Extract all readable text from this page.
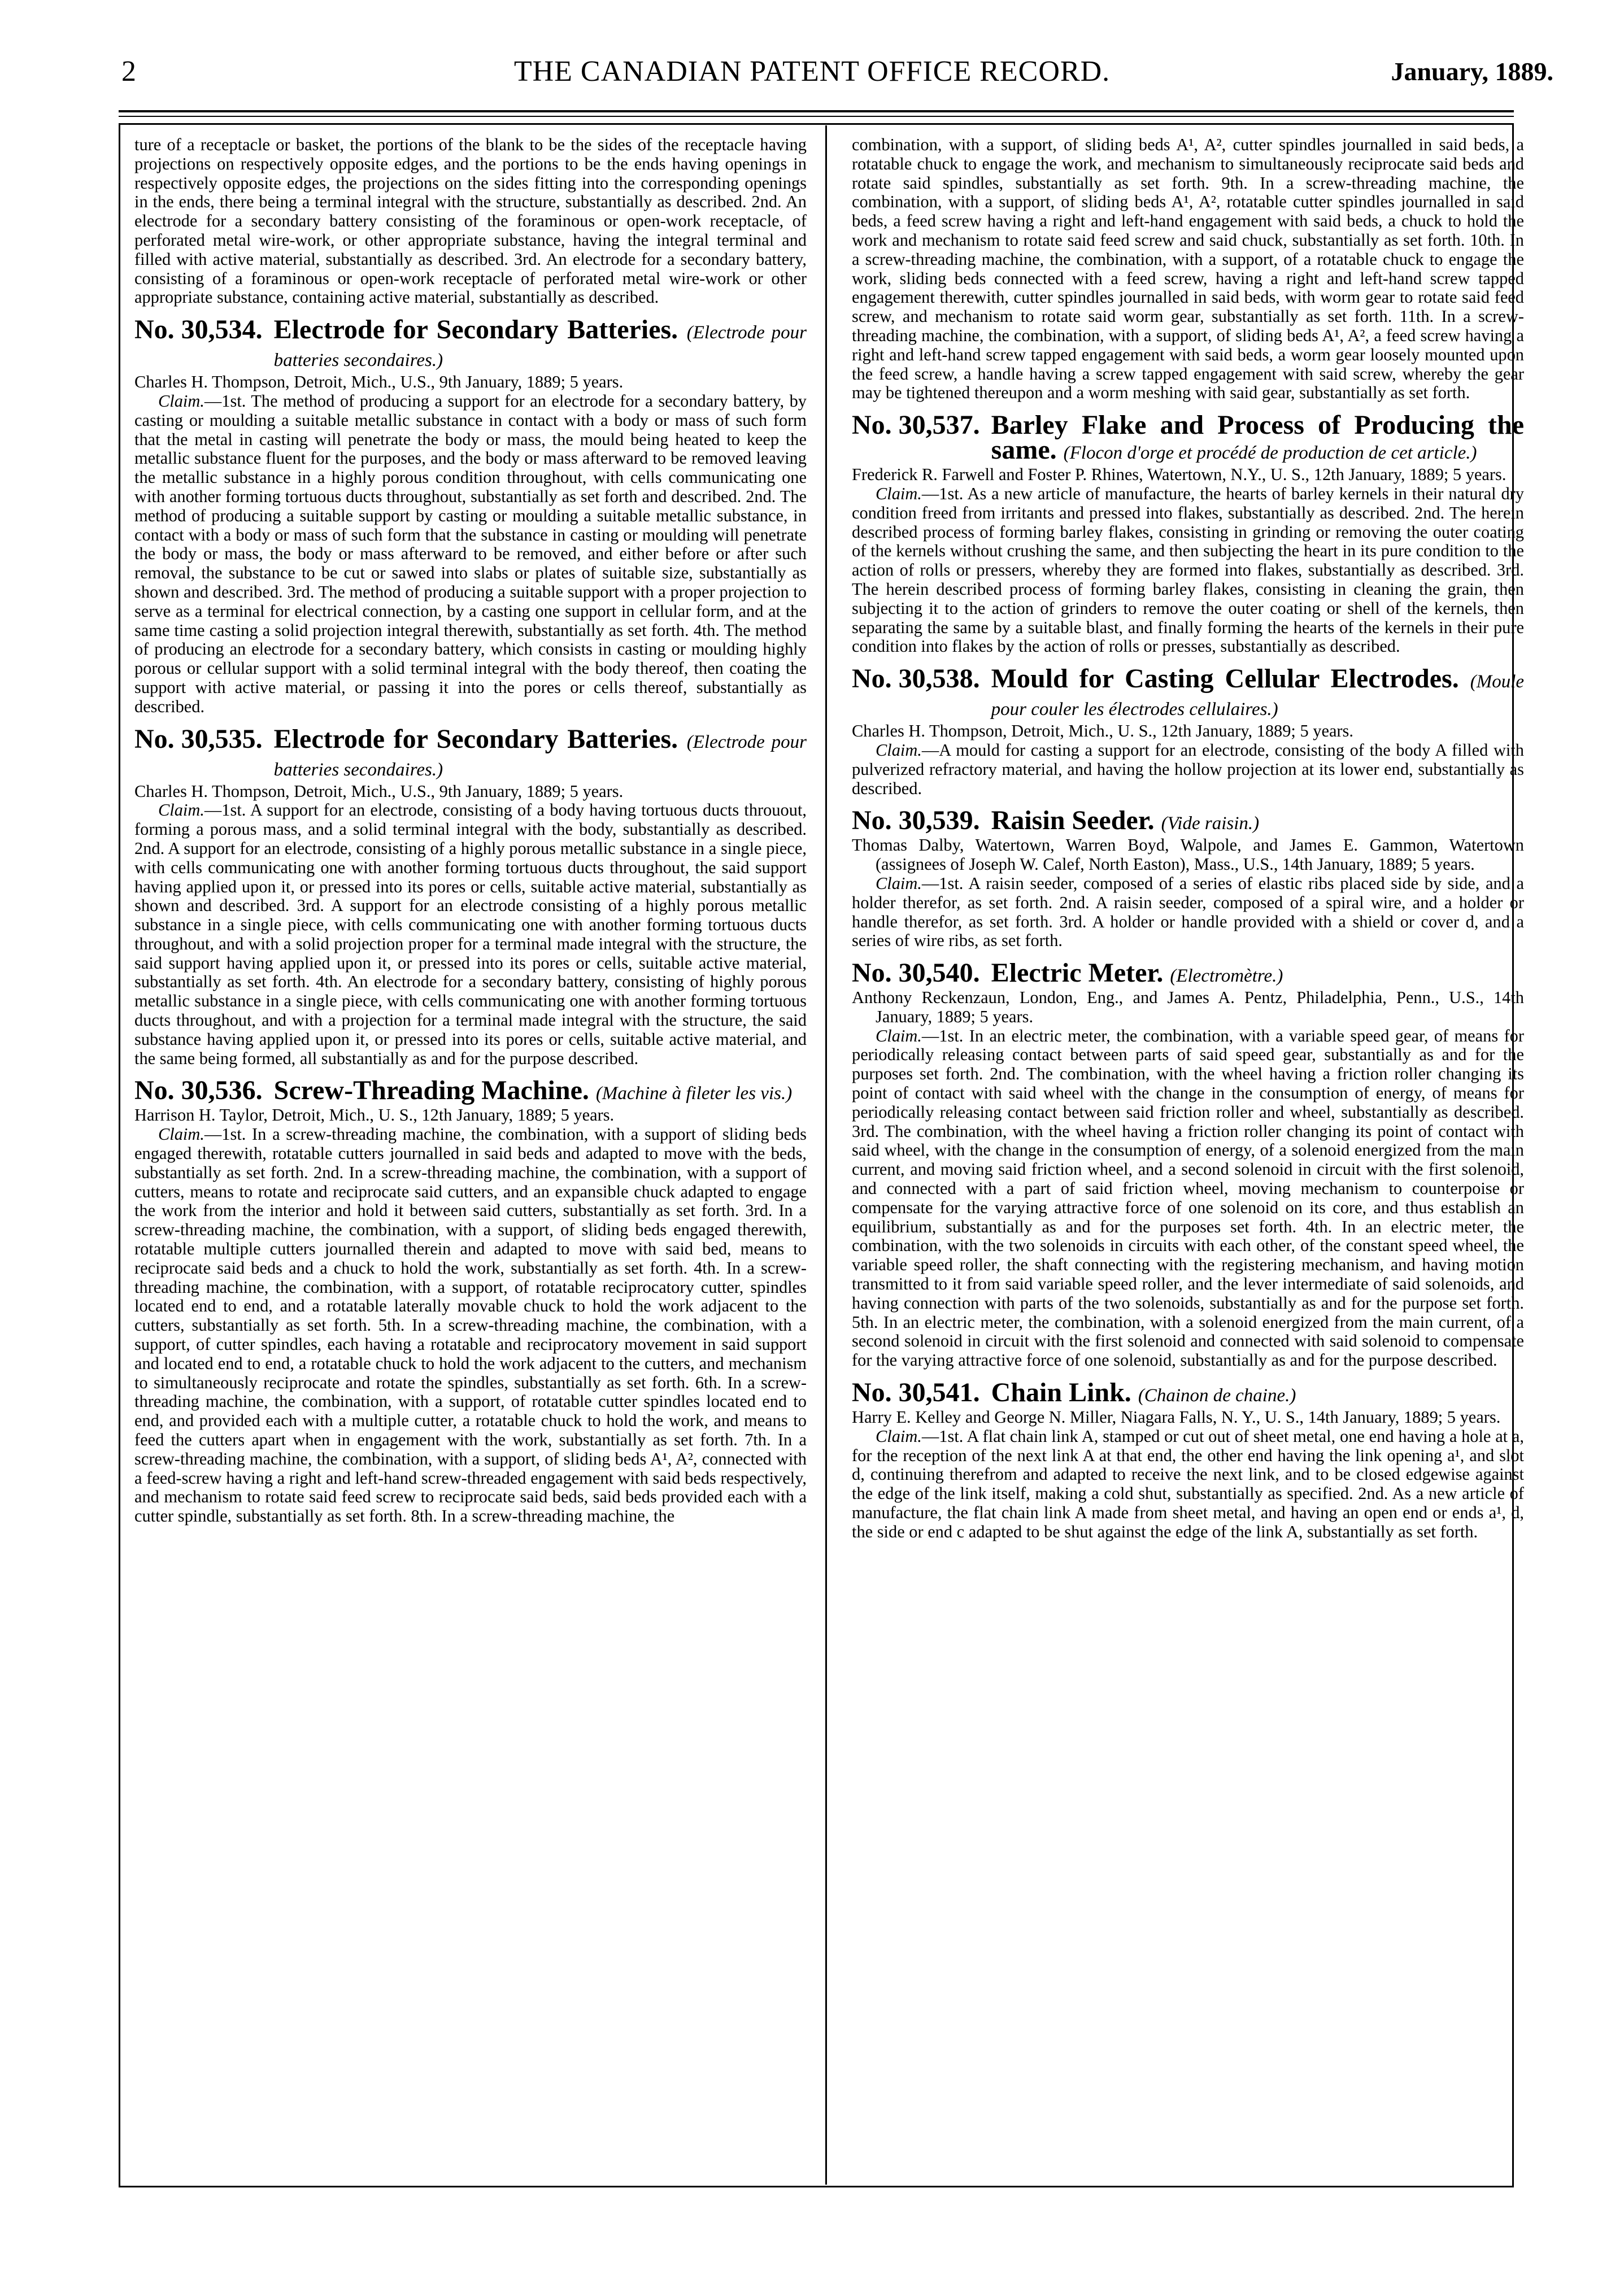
2	THE CANADIAN PATENT OFFICE RECORD.	January, 1889.

ture of a receptacle or basket, the portions of the blank to be the sides of the receptacle having projections on respectively opposite edges, and the portions to be the ends having openings in respectively opposite edges, the projections on the sides fitting into the corresponding openings in the ends, there being a terminal integral with the structure, substantially as described. 2nd. An electrode for a secondary battery consisting of the foraminous or open-work receptacle, of perforated metal wire-work, or other appropriate substance, having the integral terminal and filled with active material, substantially as described. 3rd. An electrode for a secondary battery, consisting of a foraminous or open-work receptacle of perforated metal wire-work or other appropriate substance, containing active material, substantially as described.

No. 30,534. Electrode for Secondary Batteries. (Electrode pour batteries secondaires.)

Charles H. Thompson, Detroit, Mich., U.S., 9th January, 1889; 5 years.

Claim.—1st. The method of producing a support for an electrode for a secondary battery, by casting or moulding a suitable metallic substance in contact with a body or mass of such form that the metal in casting will penetrate the body or mass, the mould being heated to keep the metallic substance fluent for the purposes, and the body or mass afterward to be removed leaving the metallic substance in a highly porous condition throughout, with cells communicating one with another forming tortuous ducts throughout, substantially as set forth and described. 2nd. The method of producing a suitable support by casting or moulding a suitable metallic substance, in contact with a body or mass of such form that the substance in casting or moulding will penetrate the body or mass, the body or mass afterward to be removed, and either before or after such removal, the substance to be cut or sawed into slabs or plates of suitable size, substantially as shown and described. 3rd. The method of producing a suitable support with a proper projection to serve as a terminal for electrical connection, by a casting one support in cellular form, and at the same time casting a solid projection integral therewith, substantially as set forth. 4th. The method of producing an electrode for a secondary battery, which consists in casting or moulding highly porous or cellular support with a solid terminal integral with the body thereof, then coating the support with active material, or passing it into the pores or cells thereof, substantially as described.

No. 30,535. Electrode for Secondary Batteries. (Electrode pour batteries secondaires.)

Charles H. Thompson, Detroit, Mich., U.S., 9th January, 1889; 5 years.

Claim.—1st. A support for an electrode, consisting of a body having tortuous ducts throuout, forming a porous mass, and a solid terminal integral with the body, substantially as described. 2nd. A support for an electrode, consisting of a highly porous metallic substance in a single piece, with cells communicating one with another forming tortuous ducts throughout, the said support having applied upon it, or pressed into its pores or cells, suitable active material, substantially as shown and described. 3rd. A support for an electrode consisting of a highly porous metallic substance in a single piece, with cells communicating one with another forming tortuous ducts throughout, and with a solid projection proper for a terminal made integral with the structure, the said support having applied upon it, or pressed into its pores or cells, suitable active material, substantially as set forth. 4th. An electrode for a secondary battery, consisting of highly porous metallic substance in a single piece, with cells communicating one with another forming tortuous ducts throughout, and with a projection for a terminal made integral with the structure, the said substance having applied upon it, or pressed into its pores or cells, suitable active material, and the same being formed, all substantially as and for the purpose described.

No. 30,536. Screw-Threading Machine. (Machine à fileter les vis.)

Harrison H. Taylor, Detroit, Mich., U. S., 12th January, 1889; 5 years.

Claim.—1st. In a screw-threading machine, the combination, with a support of sliding beds engaged therewith, rotatable cutters journalled in said beds and adapted to move with the beds, substantially as set forth. 2nd. In a screw-threading machine, the combination, with a support of cutters, means to rotate and reciprocate said cutters, and an expansible chuck adapted to engage the work from the interior and hold it between said cutters, substantially as set forth. 3rd. In a screw-threading machine, the combination, with a support, of sliding beds engaged therewith, rotatable multiple cutters journalled therein and adapted to move with said bed, means to reciprocate said beds and a chuck to hold the work, substantially as set forth. 4th. In a screw-threading machine, the combination, with a support, of rotatable reciprocatory cutter, spindles located end to end, and a rotatable laterally movable chuck to hold the work adjacent to the cutters, substantially as set forth. 5th. In a screw-threading machine, the combination, with a support, of cutter spindles, each having a rotatable and reciprocatory movement in said support and located end to end, a rotatable chuck to hold the work adjacent to the cutters, and mechanism to simultaneously reciprocate and rotate the spindles, substantially as set forth. 6th. In a screw-threading machine, the combination, with a support, of rotatable cutter spindles located end to end, and provided each with a multiple cutter, a rotatable chuck to hold the work, and means to feed the cutters apart when in engagement with the work, substantially as set forth. 7th. In a screw-threading machine, the combination, with a support, of sliding beds A¹, A², connected with a feed-screw having a right and left-hand screw-threaded engagement with said beds respectively, and mechanism to rotate said feed screw to reciprocate said beds, said beds provided each with a cutter spindle, substantially as set forth. 8th. In a screw-threading machine, the

combination, with a support, of sliding beds A¹, A², cutter spindles journalled in said beds, a rotatable chuck to engage the work, and mechanism to simultaneously reciprocate said beds and rotate said spindles, substantially as set forth. 9th. In a screw-threading machine, the combination, with a support, of sliding beds A¹, A², rotatable cutter spindles journalled in said beds, a feed screw having a right and left-hand engagement with said beds, a chuck to hold the work and mechanism to rotate said feed screw and said chuck, substantially as set forth. 10th. In a screw-threading machine, the combination, with a support, of a rotatable chuck to engage the work, sliding beds connected with a feed screw, having a right and left-hand screw tapped engagement therewith, cutter spindles journalled in said beds, with worm gear to rotate said feed screw, and mechanism to rotate said worm gear, substantially as set forth. 11th. In a screw-threading machine, the combination, with a support, of sliding beds A¹, A², a feed screw having a right and left-hand screw tapped engagement with said beds, a worm gear loosely mounted upon the feed screw, a handle having a screw tapped engagement with said screw, whereby the gear may be tightened thereupon and a worm meshing with said gear, substantially as set forth.

No. 30,537. Barley Flake and Process of Producing the same. (Flocon d'orge et procédé de production de cet article.)

Frederick R. Farwell and Foster P. Rhines, Watertown, N.Y., U. S., 12th January, 1889; 5 years.

Claim.—1st. As a new article of manufacture, the hearts of barley kernels in their natural dry condition freed from irritants and pressed into flakes, substantially as described. 2nd. The herein described process of forming barley flakes, consisting in grinding or removing the outer coating of the kernels without crushing the same, and then subjecting the heart in its pure condition to the action of rolls or pressers, whereby they are formed into flakes, substantially as described. 3rd. The herein described process of forming barley flakes, consisting in cleaning the grain, then subjecting it to the action of grinders to remove the outer coating or shell of the kernels, then separating the same by a suitable blast, and finally forming the hearts of the kernels in their pure condition into flakes by the action of rolls or presses, substantially as described.

No. 30,538. Mould for Casting Cellular Electrodes. (Moule pour couler les électrodes cellulaires.)

Charles H. Thompson, Detroit, Mich., U. S., 12th January, 1889; 5 years.

Claim.—A mould for casting a support for an electrode, consisting of the body A filled with pulverized refractory material, and having the hollow projection at its lower end, substantially as described.

No. 30,539. Raisin Seeder. (Vide raisin.)

Thomas Dalby, Watertown, Warren Boyd, Walpole, and James E. Gammon, Watertown (assignees of Joseph W. Calef, North Easton), Mass., U.S., 14th January, 1889; 5 years.

Claim.—1st. A raisin seeder, composed of a series of elastic ribs placed side by side, and a holder therefor, as set forth. 2nd. A raisin seeder, composed of a spiral wire, and a holder or handle therefor, as set forth. 3rd. A holder or handle provided with a shield or cover d, and a series of wire ribs, as set forth.

No. 30,540. Electric Meter. (Electromètre.)

Anthony Reckenzaun, London, Eng., and James A. Pentz, Philadelphia, Penn., U.S., 14th January, 1889; 5 years.

Claim.—1st. In an electric meter, the combination, with a variable speed gear, of means for periodically releasing contact between parts of said speed gear, substantially as and for the purposes set forth. 2nd. The combination, with the wheel having a friction roller changing its point of contact with said wheel with the change in the consumption of energy, of means for periodically releasing contact between said friction roller and wheel, substantially as described. 3rd. The combination, with the wheel having a friction roller changing its point of contact with said wheel, with the change in the consumption of energy, of a solenoid energized from the main current, and moving said friction wheel, and a second solenoid in circuit with the first solenoid, and connected with a part of said friction wheel, moving mechanism to counterpoise or compensate for the varying attractive force of one solenoid on its core, and thus establish an equilibrium, substantially as and for the purposes set forth. 4th. In an electric meter, the combination, with the two solenoids in circuits with each other, of the constant speed wheel, the variable speed roller, the shaft connecting with the registering mechanism, and having motion transmitted to it from said variable speed roller, and the lever intermediate of said solenoids, and having connection with parts of the two solenoids, substantially as and for the purpose set forth. 5th. In an electric meter, the combination, with a solenoid energized from the main current, of a second solenoid in circuit with the first solenoid and connected with said solenoid to compensate for the varying attractive force of one solenoid, substantially as and for the purpose described.

No. 30,541. Chain Link. (Chainon de chaine.)

Harry E. Kelley and George N. Miller, Niagara Falls, N. Y., U. S., 14th January, 1889; 5 years.

Claim.—1st. A flat chain link A, stamped or cut out of sheet metal, one end having a hole at a, for the reception of the next link A at that end, the other end having the link opening a¹, and slot d, continuing therefrom and adapted to receive the next link, and to be closed edgewise against the edge of the link itself, making a cold shut, substantially as specified. 2nd. As a new article of manufacture, the flat chain link A made from sheet metal, and having an open end or ends a¹, d, the side or end c adapted to be shut against the edge of the link A, substantially as set forth.
